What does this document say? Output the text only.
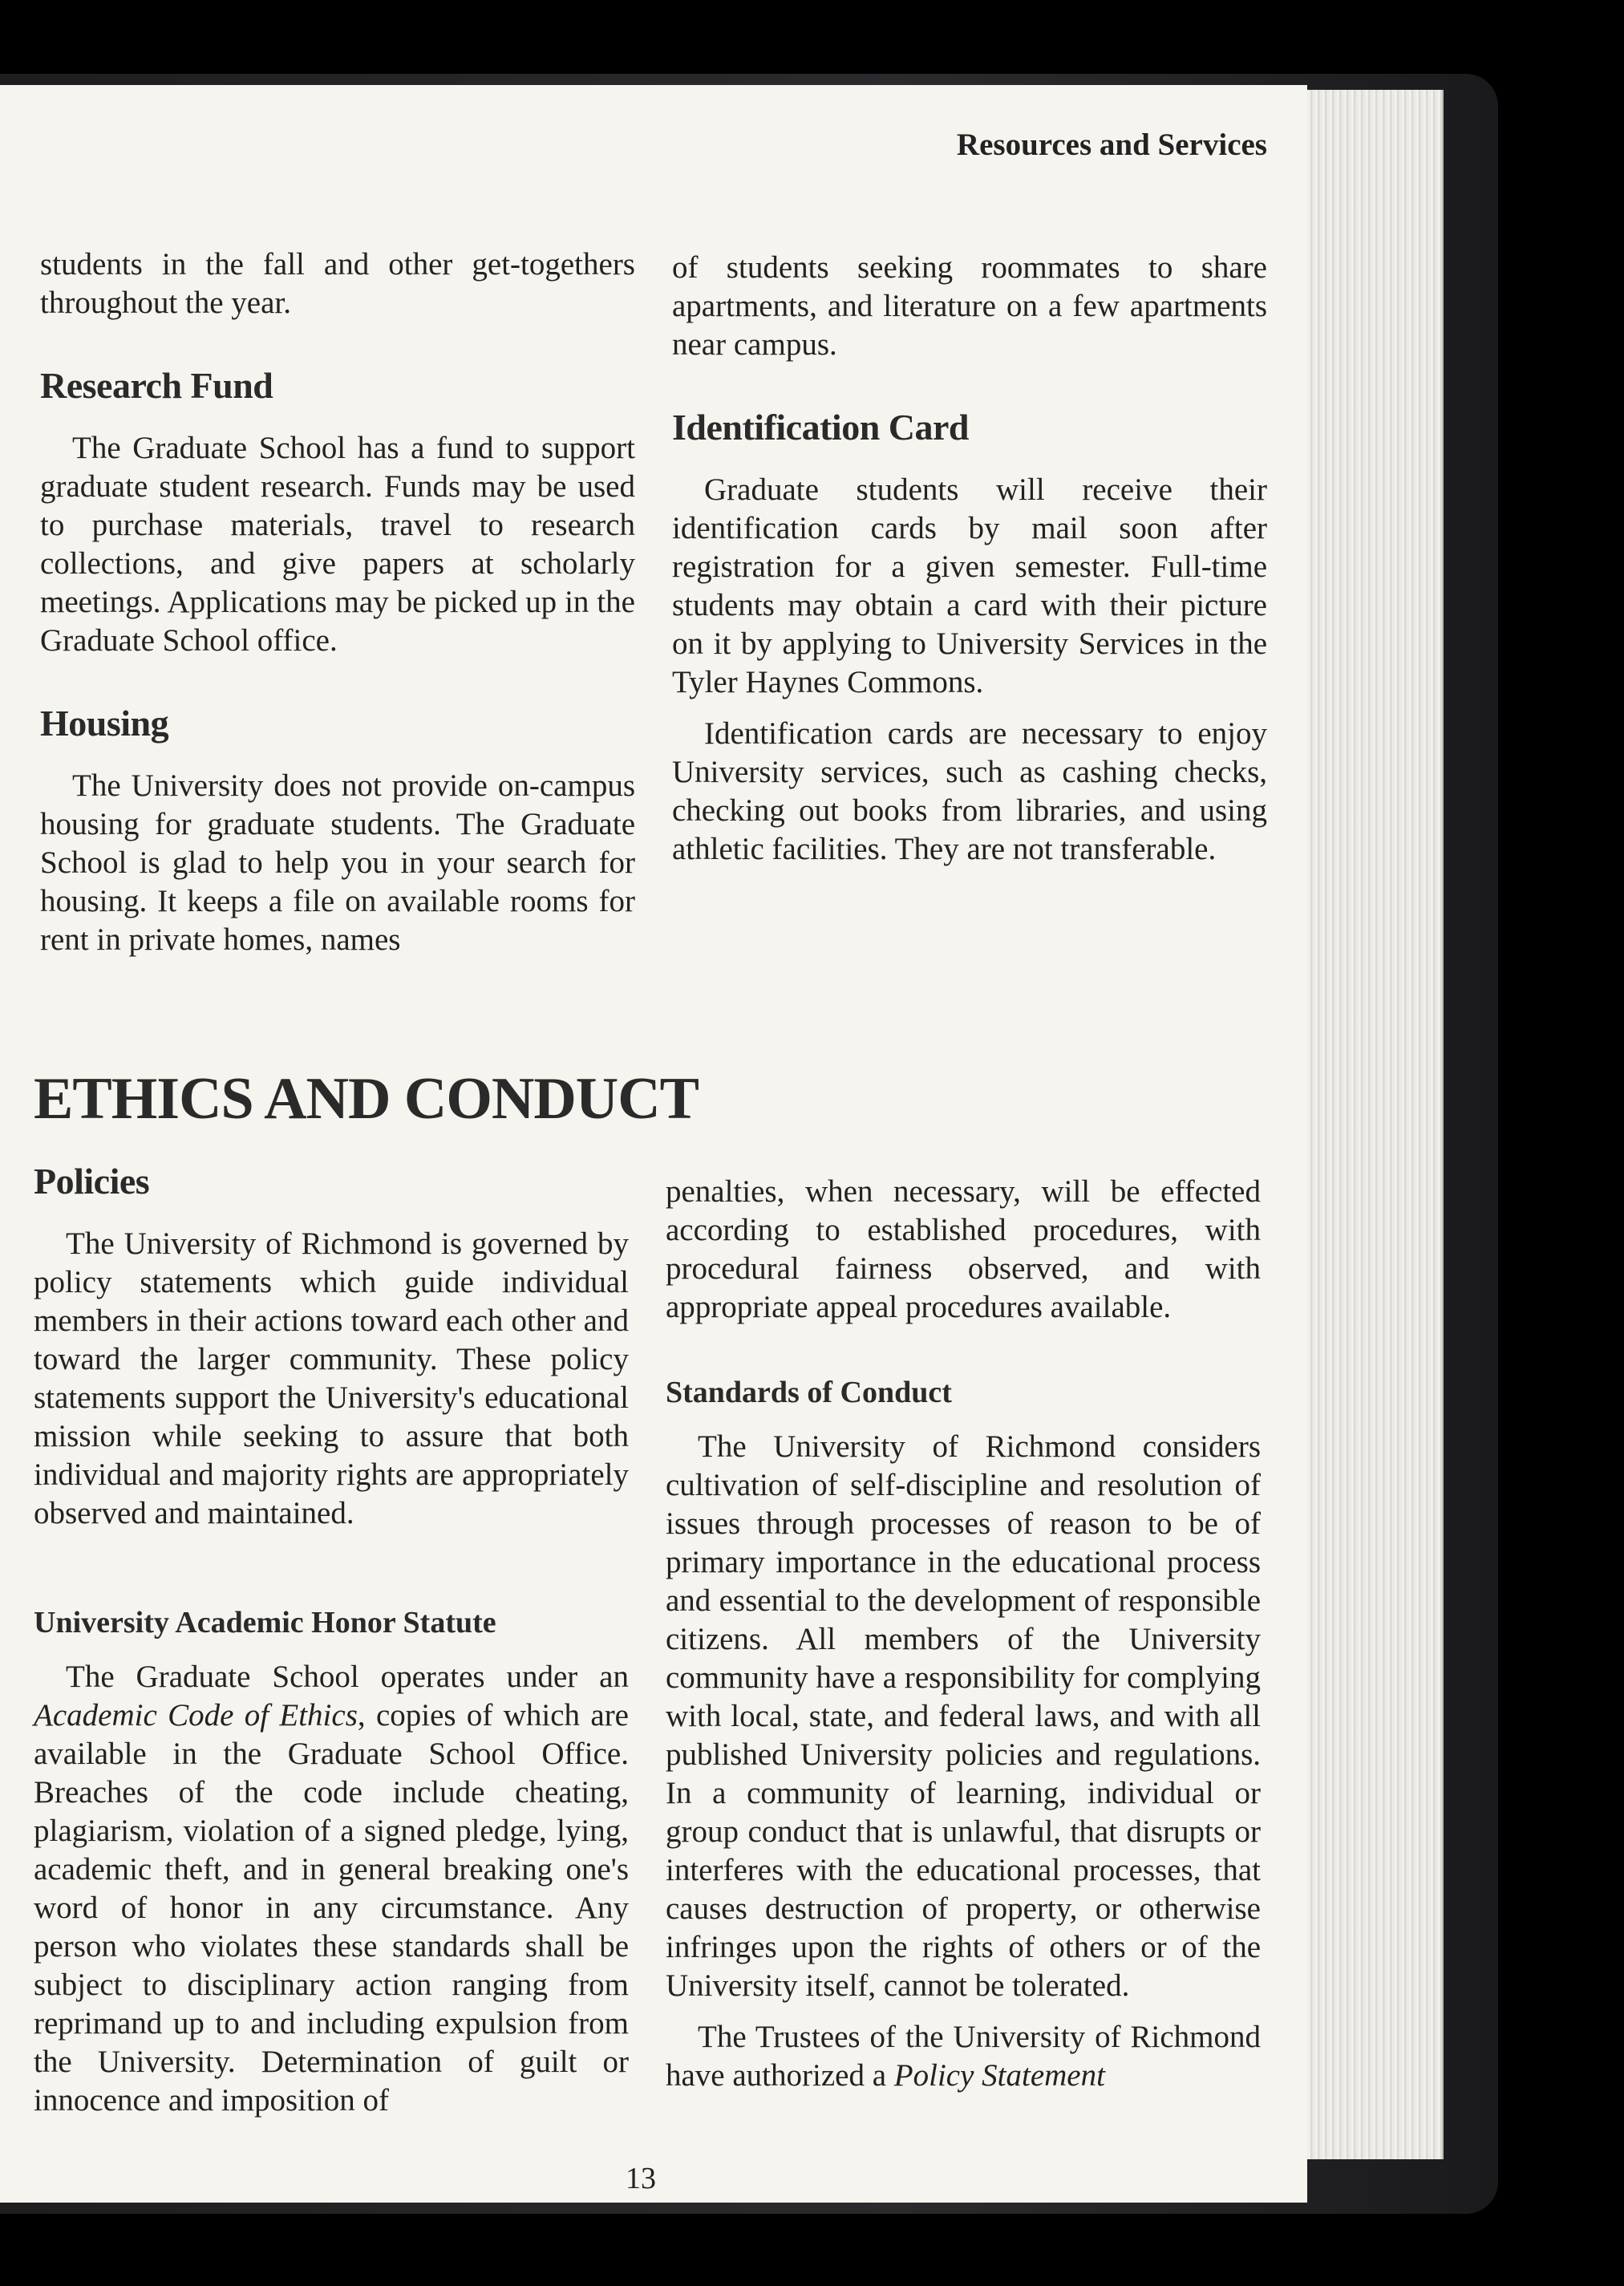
Resources and Services

students in the fall and other get-togethers throughout the year.

Research Fund

The Graduate School has a fund to support graduate student research. Funds may be used to purchase materials, travel to research collections, and give papers at scholarly meetings. Applications may be picked up in the Graduate School office.

Housing

The University does not provide on-campus housing for graduate students. The Graduate School is glad to help you in your search for housing. It keeps a file on available rooms for rent in private homes, names

of students seeking roommates to share apartments, and literature on a few apartments near campus.

Identification Card

Graduate students will receive their identification cards by mail soon after registration for a given semester. Full-time students may obtain a card with their picture on it by applying to University Services in the Tyler Haynes Commons.

Identification cards are necessary to enjoy University services, such as cashing checks, checking out books from libraries, and using athletic facilities. They are not transferable.

ETHICS AND CONDUCT
Policies

The University of Richmond is governed by policy statements which guide individual members in their actions toward each other and toward the larger community. These policy statements support the University's educational mission while seeking to assure that both individual and majority rights are appropriately observed and maintained.

University Academic Honor Statute

The Graduate School operates under an Academic Code of Ethics, copies of which are available in the Graduate School Office. Breaches of the code include cheating, plagiarism, violation of a signed pledge, lying, academic theft, and in general breaking one's word of honor in any circumstance. Any person who violates these standards shall be subject to disciplinary action ranging from reprimand up to and including expulsion from the University. Determination of guilt or innocence and imposition of

penalties, when necessary, will be effected according to established procedures, with procedural fairness observed, and with appropriate appeal procedures available.

Standards of Conduct

The University of Richmond considers cultivation of self-discipline and resolution of issues through processes of reason to be of primary importance in the educational process and essential to the development of responsible citizens. All members of the University community have a responsibility for complying with local, state, and federal laws, and with all published University policies and regulations. In a community of learning, individual or group conduct that is unlawful, that disrupts or interferes with the educational processes, that causes destruction of property, or otherwise infringes upon the rights of others or of the University itself, cannot be tolerated.

The Trustees of the University of Richmond have authorized a Policy Statement

13
